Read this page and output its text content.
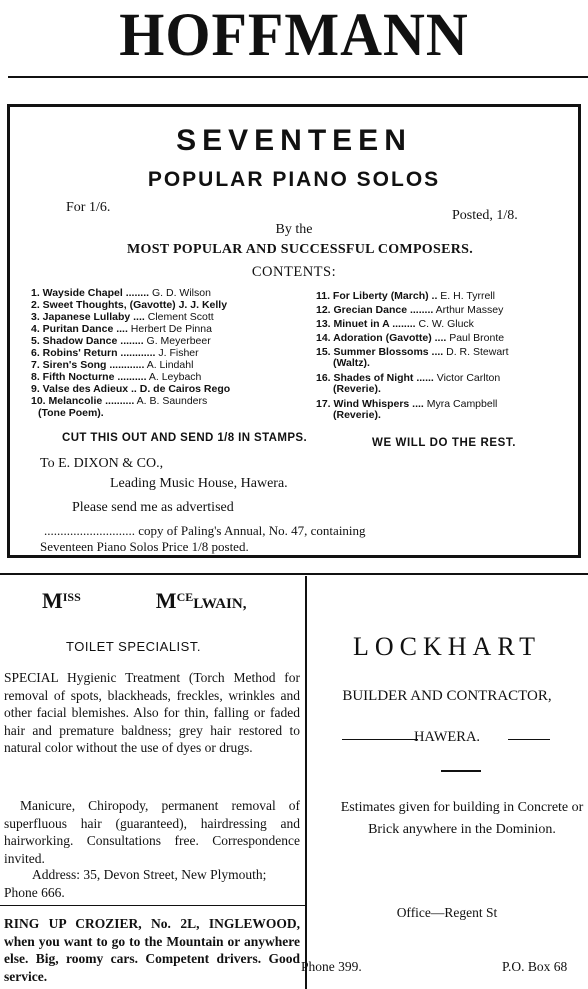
HOFFMANN
SEVENTEEN
POPULAR PIANO SOLOS
For 1/6.
Posted, 1/8.
By the
MOST POPULAR AND SUCCESSFUL COMPOSERS.
CONTENTS:
1. Wayside Chapel ........ G. D. Wilson
2. Sweet Thoughts, (Gavotte) J. J. Kelly
3. Japanese Lullaby .... Clement Scott
4. Puritan Dance .... Herbert De Pinna
5. Shadow Dance ........ G. Meyerbeer
6. Robins' Return ............ J. Fisher
7. Siren's Song ............ A. Lindahl
8. Fifth Nocturne .......... A. Leybach
9. Valse des Adieux .. D. de Cairos Rego
10. Melancolie .......... A. B. Saunders
(Tone Poem).
11. For Liberty (March) .. E. H. Tyrrell
12. Grecian Dance ........ Arthur Massey
13. Minuet in A ........ C. W. Gluck
14. Adoration (Gavotte) .... Paul Bronte
15. Summer Blossoms .... D. R. Stewart
(Waltz).
16. Shades of Night ...... Victor Carlton
(Reverie).
17. Wind Whispers .... Myra Campbell
(Reverie).
CUT THIS OUT AND SEND 1/8 IN STAMPS.	WE WILL DO THE REST.
To E. DIXON & CO.,
Leading Music House, Hawera.
Please send me as advertised
............................ copy of Paling's Annual, No. 47, containing
Seventeen Piano Solos Price 1/8 posted.
$M^{ISS}$	$M^{CE}LWAIN$,
TOILET SPECIALIST.
SPECIAL Hygienic Treatment (Torch Method for removal of spots, blackheads, freckles, wrinkles and other facial blemishes. Also for thin, falling or faded hair and premature baldness; grey hair restored to natural color without the use of dyes or drugs.
Manicure, Chiropody, permanent removal of superfluous hair (guaranteed), hairdressing and hairworking. Consultations free. Correspondence invited.
Address: 35, Devon Street, New Plymouth; Phone 666.
RING UP CROZIER, No. 2L, INGLEWOOD, when you want to go to the Mountain or anywhere else. Big, roomy cars. Competent drivers. Good service.
LOCKHART
BUILDER AND CONTRACTOR,
HAWERA.
Estimates given for building in Concrete or Brick anywhere in the Dominion.
Office—Regent St
Phone 399.	P.O. Box 68
